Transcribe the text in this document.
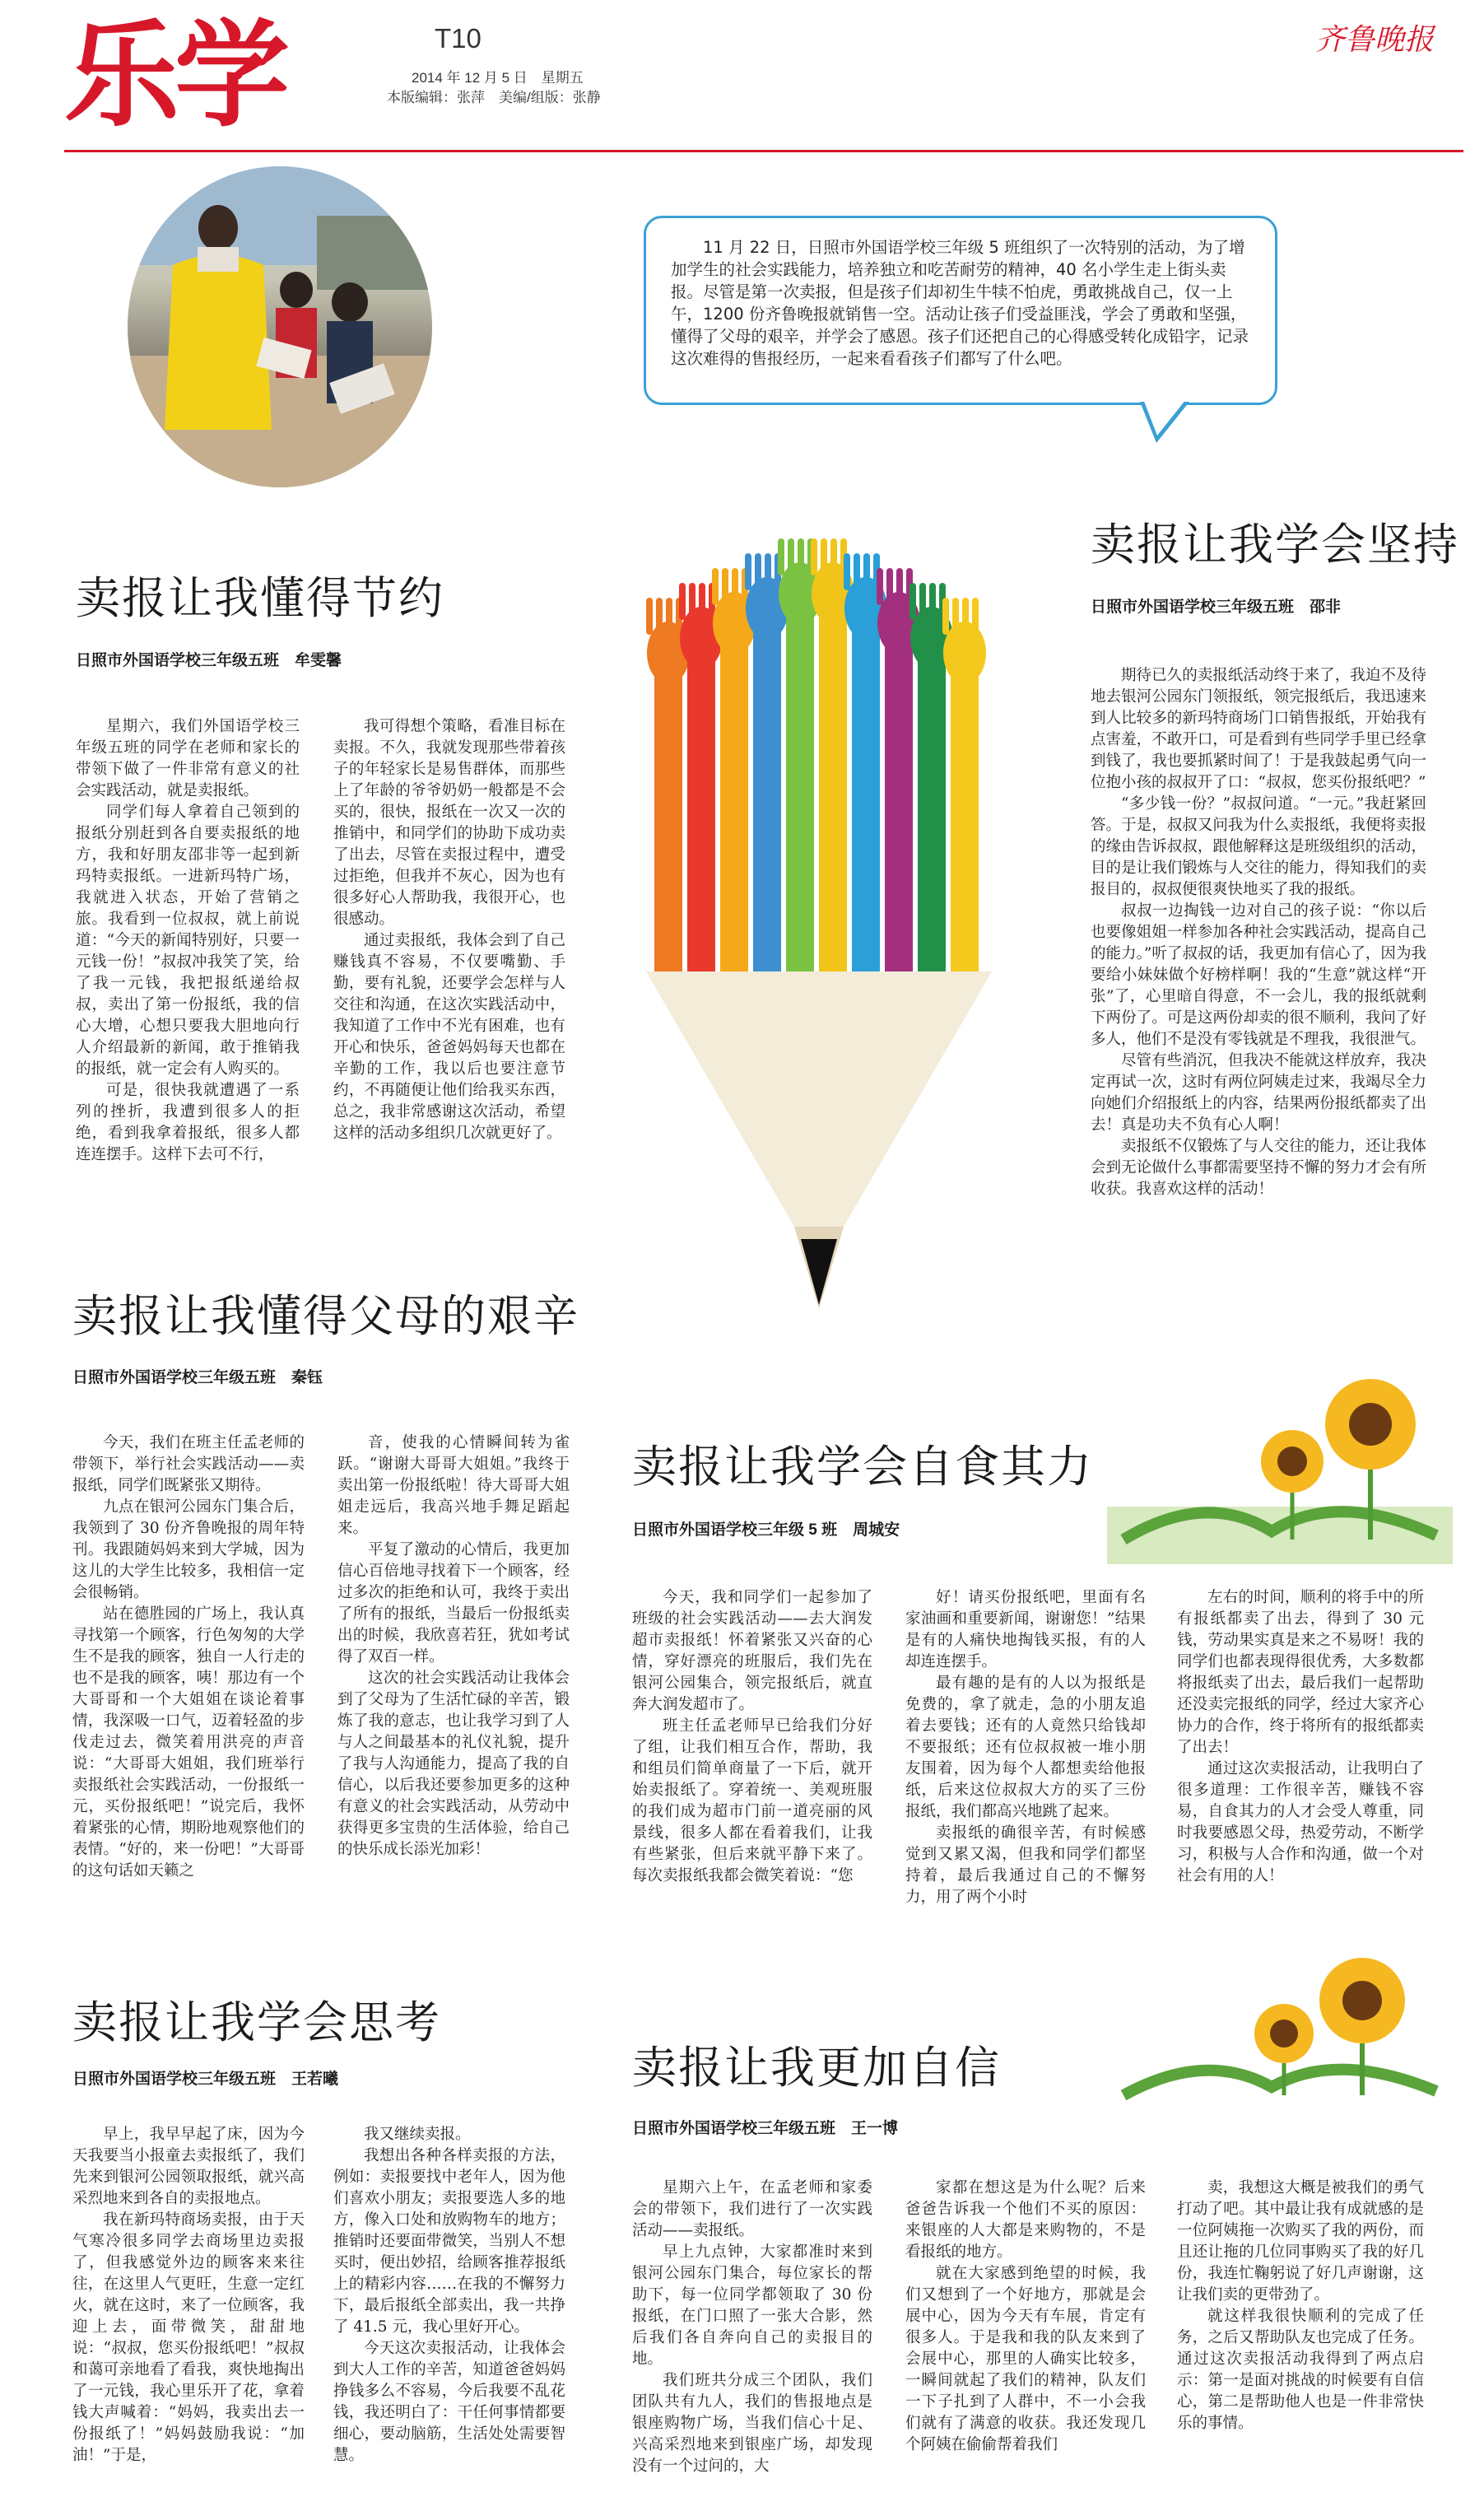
乐学	T10
2014 年 12 月 5 日　星期五
本版编辑：张萍　美编/组版：张静
齐鲁晚报
11 月 22 日，日照市外国语学校三年级 5 班组织了一次特别的活动，为了增加学生的社会实践能力，培养独立和吃苦耐劳的精神，40 名小学生走上街头卖报。尽管是第一次卖报，但是孩子们却初生牛犊不怕虎，勇敢挑战自己，仅一上午，1200 份齐鲁晚报就销售一空。活动让孩子们受益匪浅，学会了勇敢和坚强，懂得了父母的艰辛，并学会了感恩。孩子们还把自己的心得感受转化成铅字，记录这次难得的售报经历，一起来看看孩子们都写了什么吧。
卖报让我懂得节约
日照市外国语学校三年级五班　牟雯馨

星期六，我们外国语学校三年级五班的同学在老师和家长的带领下做了一件非常有意义的社会实践活动，就是卖报纸。

同学们每人拿着自己领到的报纸分别赶到各自要卖报纸的地方，我和好朋友邵非等一起到新玛特卖报纸。一进新玛特广场，我就进入状态，开始了营销之旅。我看到一位叔叔，就上前说道：“今天的新闻特别好，只要一元钱一份！”叔叔冲我笑了笑，给了我一元钱，我把报纸递给叔叔，卖出了第一份报纸，我的信心大增，心想只要我大胆地向行人介绍最新的新闻，敢于推销我的报纸，就一定会有人购买的。

可是，很快我就遭遇了一系列的挫折，我遭到很多人的拒绝，看到我拿着报纸，很多人都连连摆手。这样下去可不行，

我可得想个策略，看准目标在卖报。不久，我就发现那些带着孩子的年轻家长是易售群体，而那些上了年龄的爷爷奶奶一般都是不会买的，很快，报纸在一次又一次的推销中，和同学们的协助下成功卖了出去，尽管在卖报过程中，遭受过拒绝，但我并不灰心，因为也有很多好心人帮助我，我很开心，也很感动。

通过卖报纸，我体会到了自己赚钱真不容易，不仅要嘴勤、手勤，要有礼貌，还要学会怎样与人交往和沟通，在这次实践活动中，我知道了工作中不光有困难，也有开心和快乐，爸爸妈妈每天也都在辛勤的工作，我以后也要注意节约，不再随便让他们给我买东西，总之，我非常感谢这次活动，希望这样的活动多组织几次就更好了。

卖报让我学会坚持
日照市外国语学校三年级五班　邵非

期待已久的卖报纸活动终于来了，我迫不及待地去银河公园东门领报纸，领完报纸后，我迅速来到人比较多的新玛特商场门口销售报纸，开始我有点害羞，不敢开口，可是看到有些同学手里已经拿到钱了，我也要抓紧时间了！于是我鼓起勇气向一位抱小孩的叔叔开了口：“叔叔，您买份报纸吧？”

“多少钱一份？”叔叔问道。“一元。”我赶紧回答。于是，叔叔又问我为什么卖报纸，我便将卖报的缘由告诉叔叔，跟他解释这是班级组织的活动，目的是让我们锻炼与人交往的能力，得知我们的卖报目的，叔叔便很爽快地买了我的报纸。

叔叔一边掏钱一边对自己的孩子说：“你以后也要像姐姐一样参加各种社会实践活动，提高自己的能力。”听了叔叔的话，我更加有信心了，因为我要给小妹妹做个好榜样啊！我的“生意”就这样“开张”了，心里暗自得意，不一会儿，我的报纸就剩下两份了。可是这两份却卖的很不顺利，我问了好多人，他们不是没有零钱就是不理我，我很泄气。

尽管有些消沉，但我决不能就这样放弃，我决定再试一次，这时有两位阿姨走过来，我竭尽全力向她们介绍报纸上的内容，结果两份报纸都卖了出去！真是功夫不负有心人啊！

卖报纸不仅锻炼了与人交往的能力，还让我体会到无论做什么事都需要坚持不懈的努力才会有所收获。我喜欢这样的活动！

卖报让我懂得父母的艰辛
日照市外国语学校三年级五班　秦钰

今天，我们在班主任孟老师的带领下，举行社会实践活动——卖报纸，同学们既紧张又期待。

九点在银河公园东门集合后，我领到了 30 份齐鲁晚报的周年特刊。我跟随妈妈来到大学城，因为这儿的大学生比较多，我相信一定会很畅销。

站在德胜园的广场上，我认真寻找第一个顾客，行色匆匆的大学生不是我的顾客，独自一人行走的也不是我的顾客，咦！那边有一个大哥哥和一个大姐姐在谈论着事情，我深吸一口气，迈着轻盈的步伐走过去，微笑着用洪亮的声音说：“大哥哥大姐姐，我们班举行卖报纸社会实践活动，一份报纸一元，买份报纸吧！”说完后，我怀着紧张的心情，期盼地观察他们的表情。“好的，来一份吧！”大哥哥的这句话如天籁之

音，使我的心情瞬间转为雀跃。“谢谢大哥哥大姐姐。”我终于卖出第一份报纸啦！待大哥哥大姐姐走远后，我高兴地手舞足蹈起来。

平复了激动的心情后，我更加信心百倍地寻找着下一个顾客，经过多次的拒绝和认可，我终于卖出了所有的报纸，当最后一份报纸卖出的时候，我欣喜若狂，犹如考试得了双百一样。

这次的社会实践活动让我体会到了父母为了生活忙碌的辛苦，锻炼了我的意志，也让我学习到了人与人之间最基本的礼仪礼貌，提升了我与人沟通能力，提高了我的自信心，以后我还要参加更多的这种有意义的社会实践活动，从劳动中获得更多宝贵的生活体验，给自己的快乐成长添光加彩！

卖报让我学会自食其力
日照市外国语学校三年级 5 班　周城安

今天，我和同学们一起参加了班级的社会实践活动——去大润发超市卖报纸！怀着紧张又兴奋的心情，穿好漂亮的班服后，我们先在银河公园集合，领完报纸后，就直奔大润发超市了。

班主任孟老师早已给我们分好了组，让我们相互合作，帮助，我和组员们简单商量了一下后，就开始卖报纸了。穿着统一、美观班服的我们成为超市门前一道亮丽的风景线，很多人都在看着我们，让我有些紧张，但后来就平静下来了。每次卖报纸我都会微笑着说：“您

好！请买份报纸吧，里面有名家油画和重要新闻，谢谢您！”结果是有的人痛快地掏钱买报，有的人却连连摆手。

最有趣的是有的人以为报纸是免费的，拿了就走，急的小朋友追着去要钱；还有的人竟然只给钱却不要报纸；还有位叔叔被一堆小朋友围着，因为每个人都想卖给他报纸，后来这位叔叔大方的买了三份报纸，我们都高兴地跳了起来。

卖报纸的确很辛苦，有时候感觉到又累又渴，但我和同学们都坚持着，最后我通过自己的不懈努力，用了两个小时

左右的时间，顺利的将手中的所有报纸都卖了出去，得到了 30 元钱，劳动果实真是来之不易呀！我的同学们也都表现得很优秀，大多数都将报纸卖了出去，最后我们一起帮助还没卖完报纸的同学，经过大家齐心协力的合作，终于将所有的报纸都卖了出去！

通过这次卖报活动，让我明白了很多道理：工作很辛苦，赚钱不容易，自食其力的人才会受人尊重，同时我要感恩父母，热爱劳动，不断学习，积极与人合作和沟通，做一个对社会有用的人！

卖报让我学会思考
日照市外国语学校三年级五班　王若曦

早上，我早早起了床，因为今天我要当小报童去卖报纸了，我们先来到银河公园领取报纸，就兴高采烈地来到各自的卖报地点。

我在新玛特商场卖报，由于天气寒冷很多同学去商场里边卖报了，但我感觉外边的顾客来来往往，在这里人气更旺，生意一定红火，就在这时，来了一位顾客，我迎上去，面带微笑，甜甜地说：“叔叔，您买份报纸吧！”叔叔和蔼可亲地看了看我，爽快地掏出了一元钱，我心里乐开了花，拿着钱大声喊着：“妈妈，我卖出去一份报纸了！”妈妈鼓励我说：“加油！”于是，

我又继续卖报。

我想出各种各样卖报的方法，例如：卖报要找中老年人，因为他们喜欢小朋友；卖报要选人多的地方，像入口处和放购物车的地方；推销时还要面带微笑，当别人不想买时，便出妙招，给顾客推荐报纸上的精彩内容……在我的不懈努力下，最后报纸全部卖出，我一共挣了 41.5 元，我心里好开心。

今天这次卖报活动，让我体会到大人工作的辛苦，知道爸爸妈妈挣钱多么不容易，今后我要不乱花钱，我还明白了：干任何事情都要细心，要动脑筋，生活处处需要智慧。

卖报让我更加自信
日照市外国语学校三年级五班　王一博

星期六上午，在孟老师和家委会的带领下，我们进行了一次实践活动——卖报纸。

早上九点钟，大家都准时来到银河公园东门集合，每位家长的帮助下，每一位同学都领取了 30 份报纸，在门口照了一张大合影，然后我们各自奔向自己的卖报目的地。

我们班共分成三个团队，我们团队共有九人，我们的售报地点是银座购物广场，当我们信心十足、兴高采烈地来到银座广场，却发现没有一个过问的，大

家都在想这是为什么呢？后来爸爸告诉我一个他们不买的原因：来银座的人大都是来购物的，不是看报纸的地方。

就在大家感到绝望的时候，我们又想到了一个好地方，那就是会展中心，因为今天有车展，肯定有很多人。于是我和我的队友来到了会展中心，那里的人确实比较多，一瞬间就起了我们的精神，队友们一下子扎到了人群中，不一小会我们就有了满意的收获。我还发现几个阿姨在偷偷帮着我们

卖，我想这大概是被我们的勇气打动了吧。其中最让我有成就感的是一位阿姨拖一次购买了我的两份，而且还让拖的几位同事购买了我的好几份，我连忙鞠躬说了好几声谢谢，这让我们卖的更带劲了。

就这样我很快顺利的完成了任务，之后又帮助队友也完成了任务。通过这次卖报活动我得到了两点启示：第一是面对挑战的时候要有自信心，第二是帮助他人也是一件非常快乐的事情。
